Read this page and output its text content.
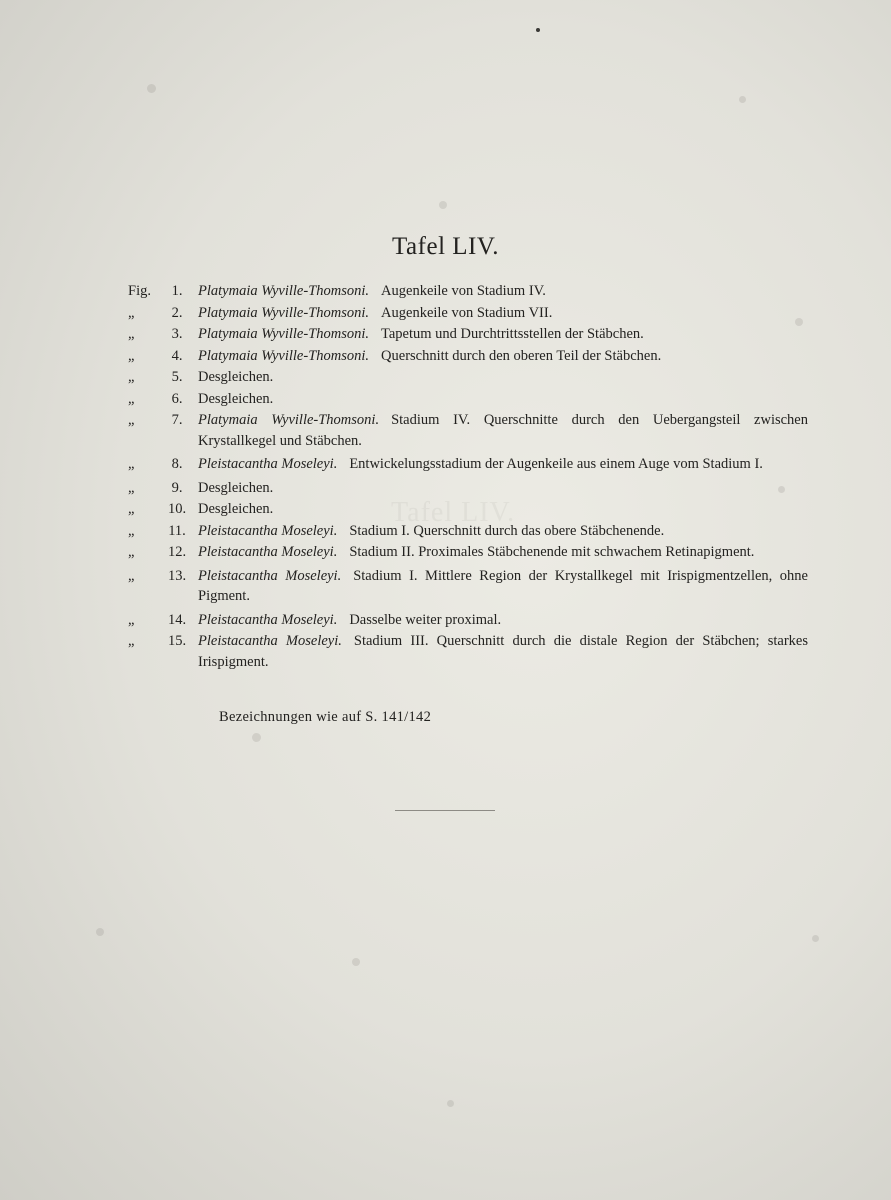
Tafel LIV.
Tafel LIV.
Fig.	1.	Platymaia Wyville-Thomsoni. Augenkeile von Stadium IV.
„	2.	Platymaia Wyville-Thomsoni. Augenkeile von Stadium VII.
„	3.	Platymaia Wyville-Thomsoni. Tapetum und Durchtrittsstellen der Stäbchen.
„	4.	Platymaia Wyville-Thomsoni. Querschnitt durch den oberen Teil der Stäbchen.
„	5.	Desgleichen.
„	6.	Desgleichen.
„	7.	Platymaia Wyville-Thomsoni. Stadium IV. Querschnitte durch den Uebergangsteil zwischen Krystallkegel und Stäbchen.
„	8.	Pleistacantha Moseleyi. Entwickelungsstadium der Augenkeile aus einem Auge vom Stadium I.
„	9.	Desgleichen.
„	10. Desgleichen.
„	11. Pleistacantha Moseleyi. Stadium I. Querschnitt durch das obere Stäbchenende.
„	12. Pleistacantha Moseleyi. Stadium II. Proximales Stäbchenende mit schwachem Retinapigment.
„	13. Pleistacantha Moseleyi. Stadium I. Mittlere Region der Krystallkegel mit Irispigmentzellen, ohne Pigment.
„	14. Pleistacantha Moseleyi. Dasselbe weiter proximal.
„	15. Pleistacantha Moseleyi. Stadium III. Querschnitt durch die distale Region der Stäbchen; starkes Irispigment.
Bezeichnungen wie auf S. 141/142
